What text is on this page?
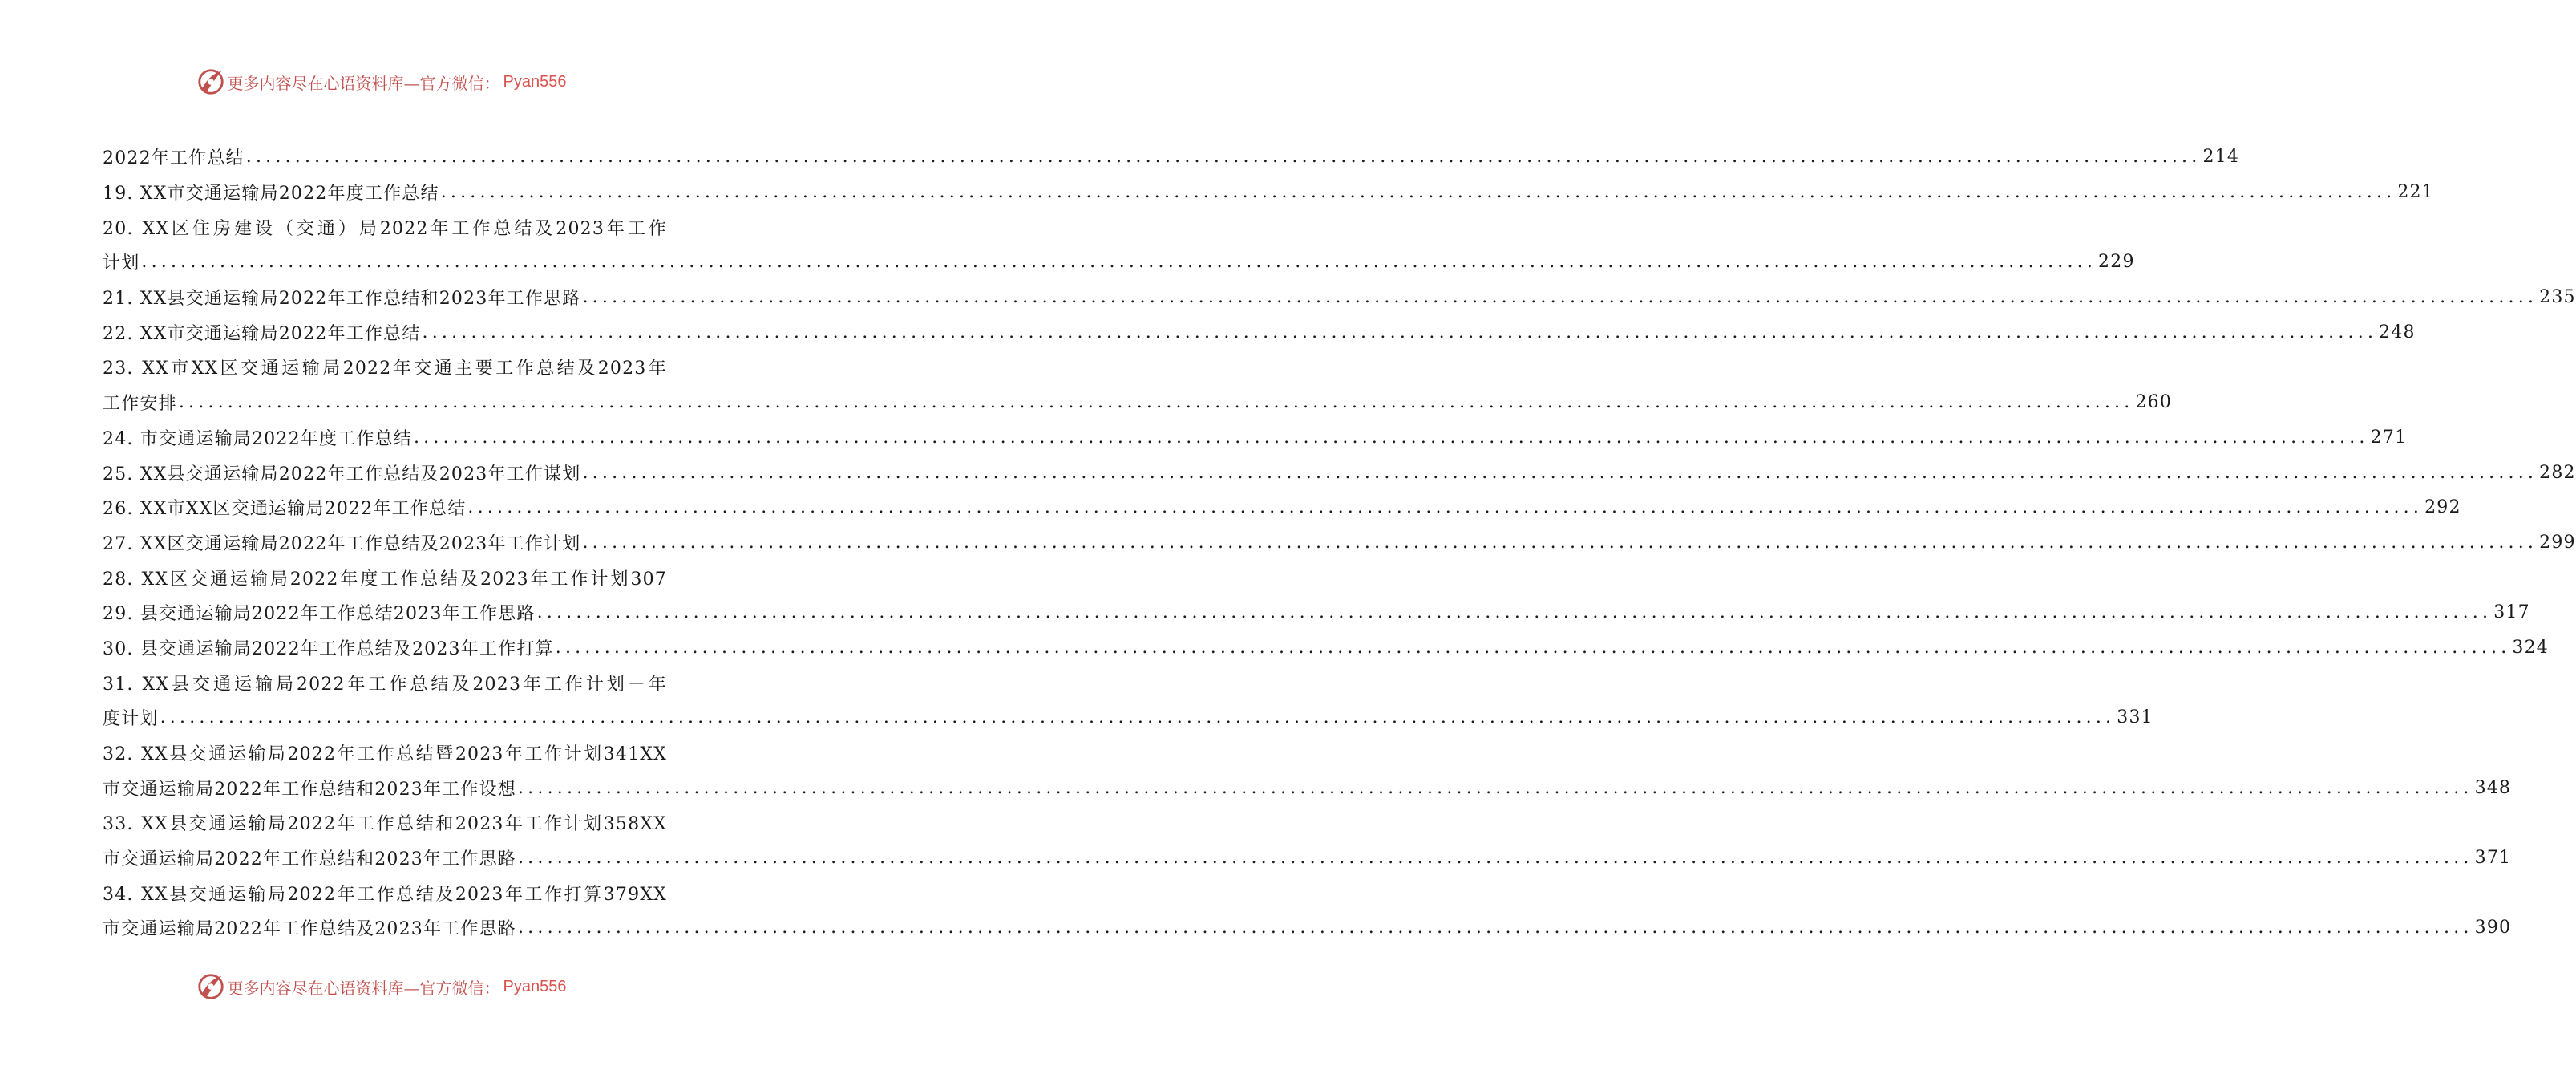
更多内容尽在心语资料库—官方微信： Pyan556
2022年工作总结 ........................................................................................................................................................................................................ 214
19. XX市交通运输局2022年度工作总结 ........................................................................................................................................................................................................ 221
20. XX区住房建设（交通）局2022年工作总结及2023年工作
计划 ........................................................................................................................................................................................................ 229
21. XX县交通运输局2022年工作总结和2023年工作思路 ........................................................................................................................................................................................................ 235
22. XX市交通运输局2022年工作总结 ........................................................................................................................................................................................................ 248
23. XX市XX区交通运输局2022年交通主要工作总结及2023年
工作安排 ........................................................................................................................................................................................................ 260
24. 市交通运输局2022年度工作总结 ........................................................................................................................................................................................................ 271
25. XX县交通运输局2022年工作总结及2023年工作谋划 ........................................................................................................................................................................................................ 282
26. XX市XX区交通运输局2022年工作总结 ........................................................................................................................................................................................................ 292
27. XX区交通运输局2022年工作总结及2023年工作计划 ........................................................................................................................................................................................................ 299
28. XX区交通运输局2022年度工作总结及2023年工作计划307
29. 县交通运输局2022年工作总结2023年工作思路 ........................................................................................................................................................................................................ 317
30. 县交通运输局2022年工作总结及2023年工作打算 ........................................................................................................................................................................................................ 324
31. XX县交通运输局2022年工作总结及2023年工作计划－年
度计划 ........................................................................................................................................................................................................ 331
32. XX县交通运输局2022年工作总结暨2023年工作计划341XX
市交通运输局2022年工作总结和2023年工作设想 ........................................................................................................................................................................................................ 348
33. XX县交通运输局2022年工作总结和2023年工作计划358XX
市交通运输局2022年工作总结和2023年工作思路 ........................................................................................................................................................................................................ 371
34. XX县交通运输局2022年工作总结及2023年工作打算379XX
市交通运输局2022年工作总结及2023年工作思路 ........................................................................................................................................................................................................ 390
更多内容尽在心语资料库—官方微信： Pyan556
